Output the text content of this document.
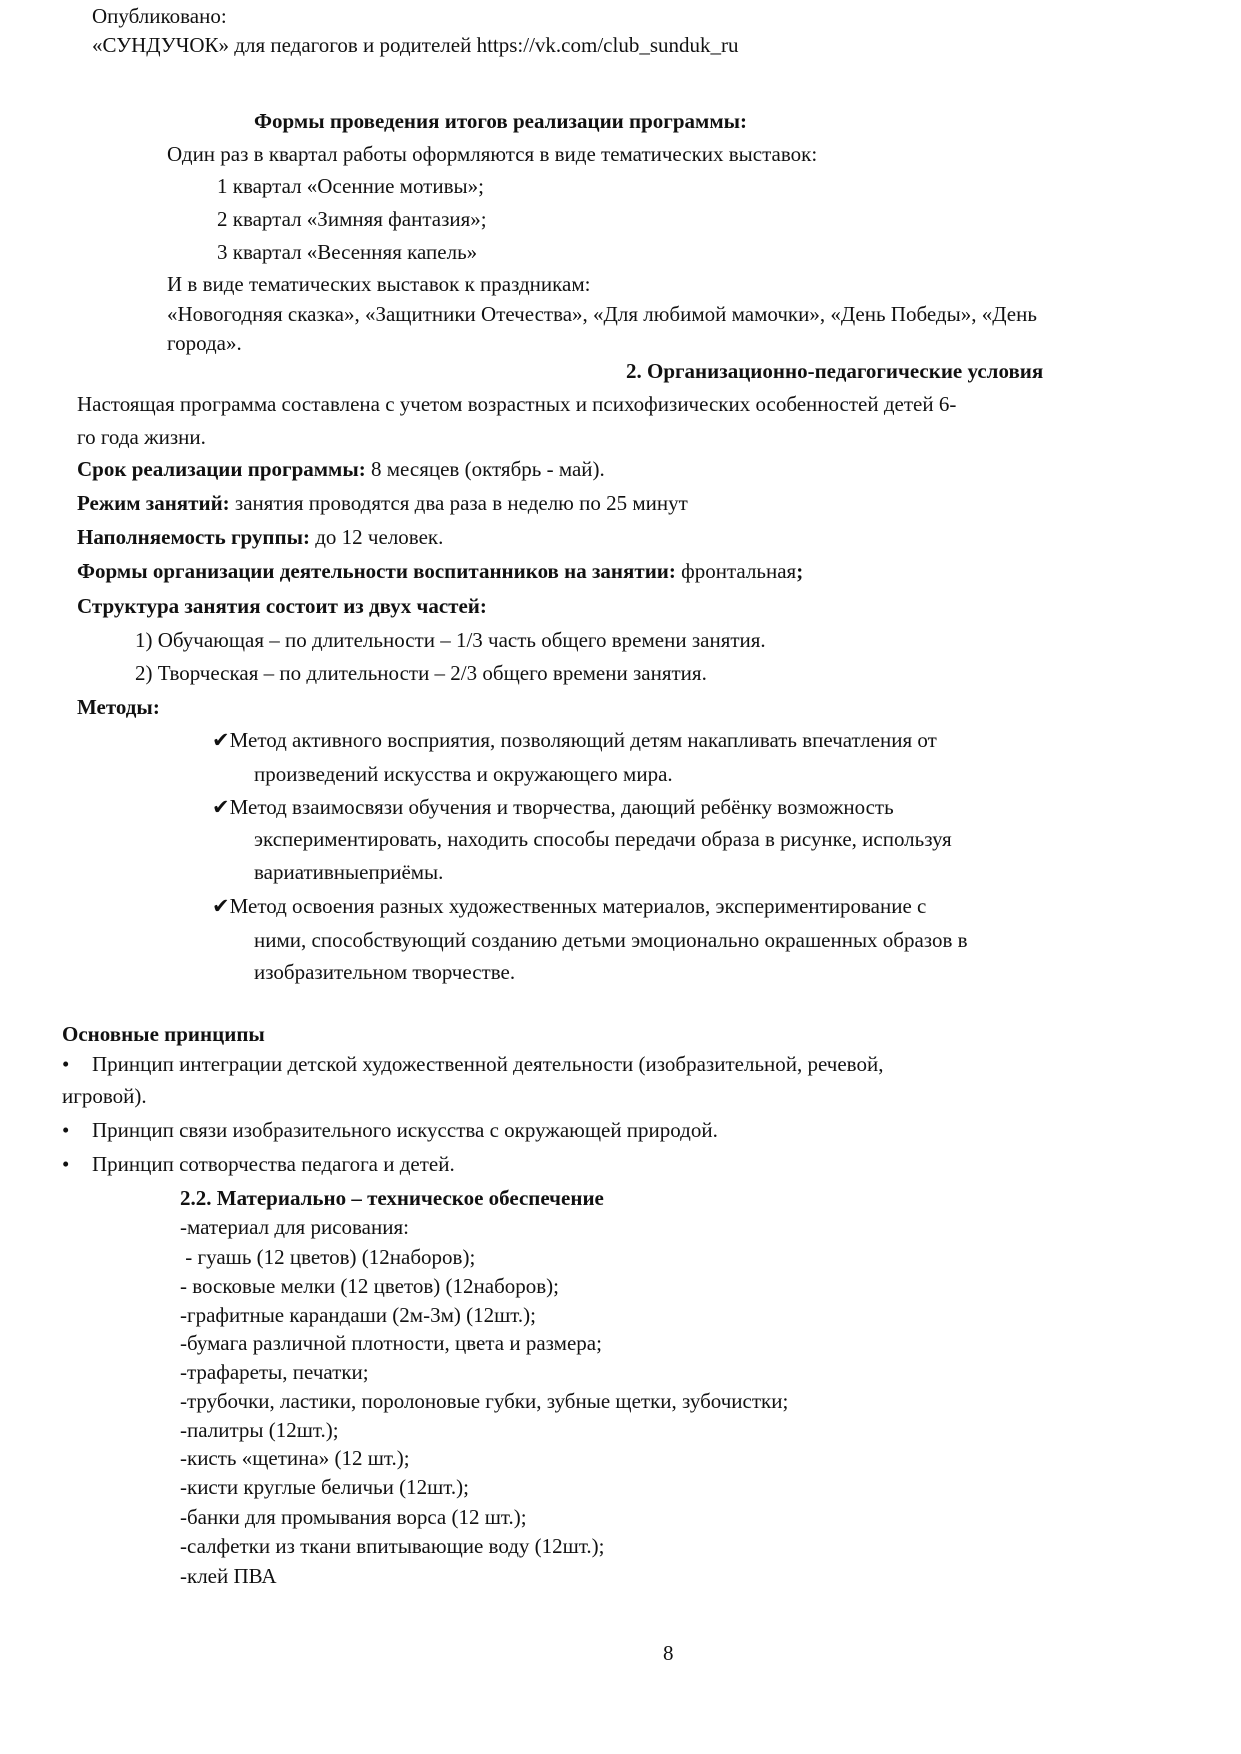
Опубликовано:
«СУНДУЧОК» для педагогов и родителей https://vk.com/club_sunduk_ru
Формы проведения итогов реализации программы:
Один раз в квартал работы оформляются в виде тематических выставок:
1 квартал «Осенние мотивы»;
2 квартал «Зимняя фантазия»;
3 квартал «Весенняя капель»
И в виде тематических выставок к праздникам:
«Новогодняя сказка», «Защитники Отечества», «Для любимой мамочки», «День Победы», «День
города».
2. Организационно-педагогические условия
Настоящая программа составлена с учетом возрастных и психофизических особенностей детей 6-
го года жизни.
Срок реализации программы: 8 месяцев (октябрь - май).
Режим занятий: занятия проводятся два раза в неделю по 25 минут
Наполняемость группы: до 12 человек.
Формы организации деятельности воспитанников на занятии: фронтальная;
Структура занятия состоит из двух частей:
1) Обучающая – по длительности – 1/3 часть общего времени занятия.
2) Творческая – по длительности – 2/3 общего времени занятия.
Методы:
✔Метод активного восприятия, позволяющий детям накапливать впечатления от
произведений искусства и окружающего мира.
✔Метод взаимосвязи обучения и творчества, дающий ребёнку возможность
экспериментировать, находить способы передачи образа в рисунке, используя
вариативныеприёмы.
✔Метод освоения разных художественных материалов, экспериментирование с
ними, способствующий созданию детьми эмоционально окрашенных образов в
изобразительном творчестве.
Основные принципы
• Принцип интеграции детской художественной деятельности (изобразительной, речевой,
игровой).
• Принцип связи изобразительного искусства с окружающей природой.
• Принцип сотворчества педагога и детей.
2.2. Материально – техническое обеспечение
-материал для рисования:
- гуашь (12 цветов) (12наборов);
- восковые мелки (12 цветов) (12наборов);
-графитные карандаши (2м-3м) (12шт.);
-бумага различной плотности, цвета и размера;
-трафареты, печатки;
-трубочки, ластики, поролоновые губки, зубные щетки, зубочистки;
-палитры (12шт.);
-кисть «щетина» (12 шт.);
-кисти круглые беличьи (12шт.);
-банки для промывания ворса (12 шт.);
-салфетки из ткани впитывающие воду (12шт.);
-клей ПВА
8
